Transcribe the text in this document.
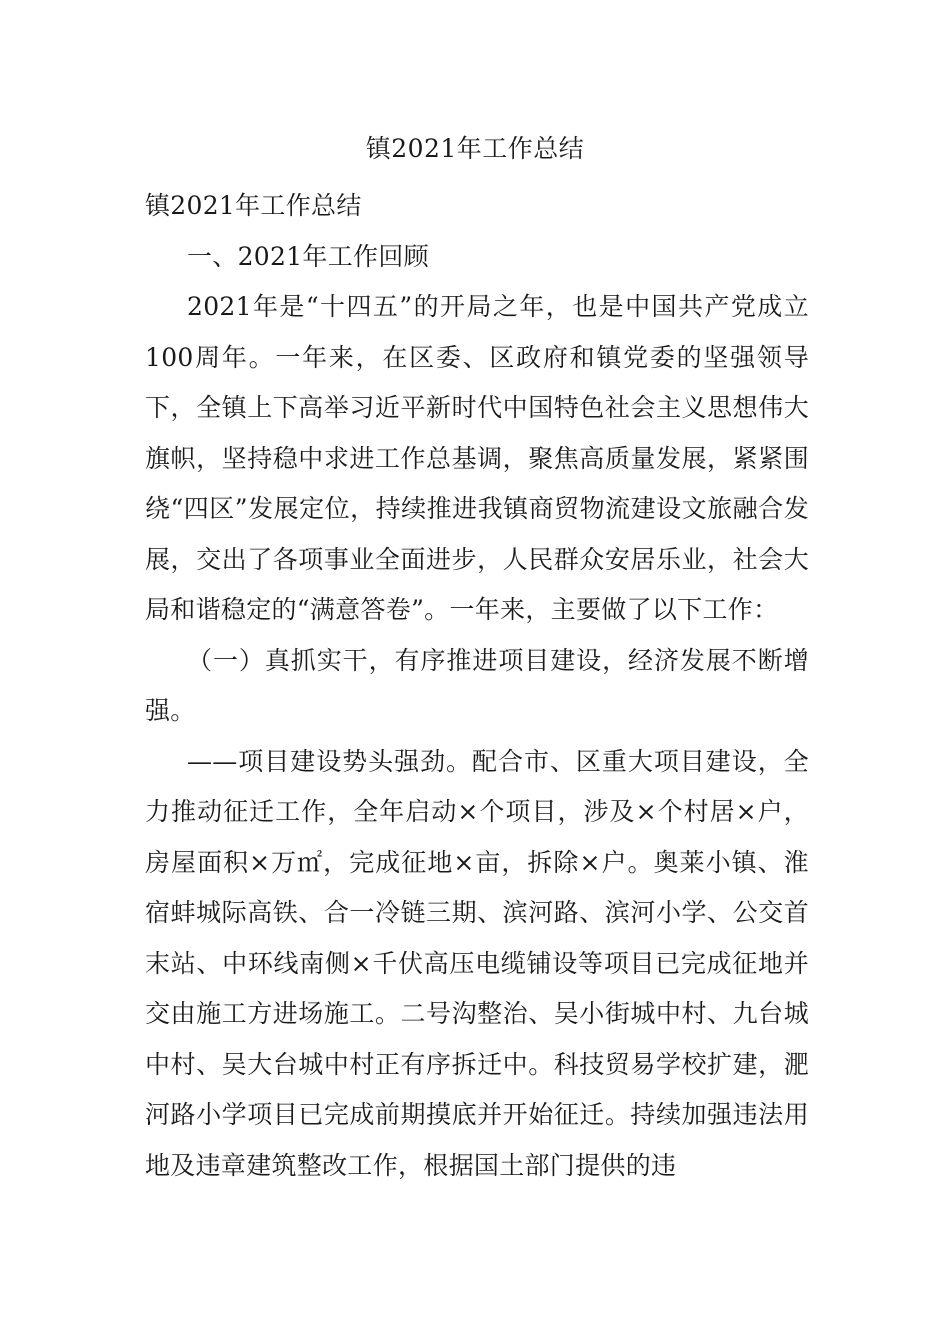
镇2021年工作总结

镇2021年工作总结

一、2021年工作回顾

2021年是“十四五”的开局之年，也是中国共产党成立100周年。一年来，在区委、区政府和镇党委的坚强领导下，全镇上下高举习近平新时代中国特色社会主义思想伟大旗帜，坚持稳中求进工作总基调，聚焦高质量发展，紧紧围绕“四区”发展定位，持续推进我镇商贸物流建设文旅融合发展，交出了各项事业全面进步，人民群众安居乐业，社会大局和谐稳定的“满意答卷”。一年来，主要做了以下工作：

（一）真抓实干，有序推进项目建设，经济发展不断增强。

——项目建设势头强劲。配合市、区重大项目建设，全力推动征迁工作，全年启动×个项目，涉及×个村居×户，房屋面积×万㎡，完成征地×亩，拆除×户。奥莱小镇、淮宿蚌城际高铁、合一冷链三期、滨河路、滨河小学、公交首末站、中环线南侧×千伏高压电缆铺设等项目已完成征地并交由施工方进场施工。二号沟整治、吴小街城中村、九台城中村、吴大台城中村正有序拆迁中。科技贸易学校扩建，淝河路小学项目已完成前期摸底并开始征迁。持续加强违法用地及违章建筑整改工作，根据国土部门提供的违
